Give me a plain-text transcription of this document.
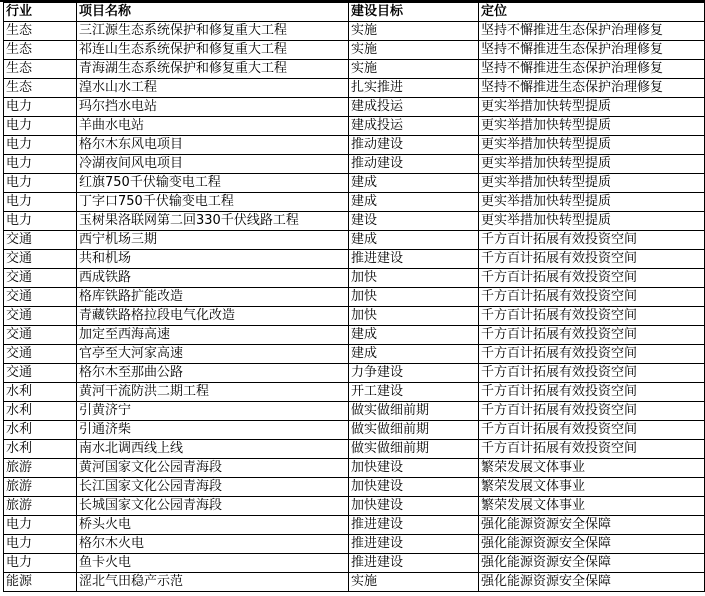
行业	项目名称	建设目标	定位
生态	三江源生态系统保护和修复重大工程	实施	坚持不懈推进生态保护治理修复
生态	祁连山生态系统保护和修复重大工程	实施	坚持不懈推进生态保护治理修复
生态	青海湖生态系统保护和修复重大工程	实施	坚持不懈推进生态保护治理修复
生态	湟水山水工程	扎实推进	坚持不懈推进生态保护治理修复
电力	玛尔挡水电站	建成投运	更实举措加快转型提质
电力	羊曲水电站	建成投运	更实举措加快转型提质
电力	格尔木东风电项目	推动建设	更实举措加快转型提质
电力	冷湖夜间风电项目	推动建设	更实举措加快转型提质
电力	红旗750千伏输变电工程	建成	更实举措加快转型提质
电力	丁字口750千伏输变电工程	建成	更实举措加快转型提质
电力	玉树果洛联网第二回330千伏线路工程	建设	更实举措加快转型提质
交通	西宁机场三期	建成	千方百计拓展有效投资空间
交通	共和机场	推进建设	千方百计拓展有效投资空间
交通	西成铁路	加快	千方百计拓展有效投资空间
交通	格库铁路扩能改造	加快	千方百计拓展有效投资空间
交通	青藏铁路格拉段电气化改造	加快	千方百计拓展有效投资空间
交通	加定至西海高速	建成	千方百计拓展有效投资空间
交通	官亭至大河家高速	建成	千方百计拓展有效投资空间
交通	格尔木至那曲公路	力争建设	千方百计拓展有效投资空间
水利	黄河干流防洪二期工程	开工建设	千方百计拓展有效投资空间
水利	引黄济宁	做实做细前期	千方百计拓展有效投资空间
水利	引通济柴	做实做细前期	千方百计拓展有效投资空间
水利	南水北调西线上线	做实做细前期	千方百计拓展有效投资空间
旅游	黄河国家文化公园青海段	加快建设	繁荣发展文体事业
旅游	长江国家文化公园青海段	加快建设	繁荣发展文体事业
旅游	长城国家文化公园青海段	加快建设	繁荣发展文体事业
电力	桥头火电	推进建设	强化能源资源安全保障
电力	格尔木火电	推进建设	强化能源资源安全保障
电力	鱼卡火电	推进建设	强化能源资源安全保障
能源	涩北气田稳产示范	实施	强化能源资源安全保障
